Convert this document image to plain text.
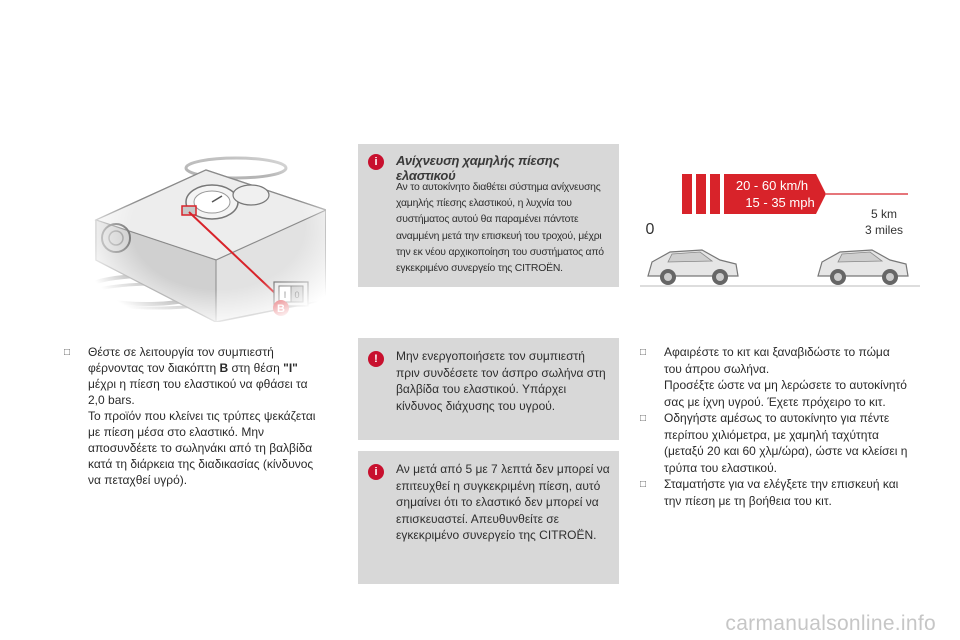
□	Θέστε σε λειτουργία τον συμπιεστή φέρνοντας τον διακόπτη B στη θέση "I" μέχρι η πίεση του ελαστικού να φθάσει τα 2,0 bars.

Το προϊόν που κλείνει τις τρύπες ψεκάζεται με πίεση μέσα στο ελαστικό. Μην αποσυνδέετε το σωληνάκι από τη βαλβίδα κατά τη διάρκεια της διαδικασίας (κίνδυνος να πεταχθεί υγρό).

i	Ανίχνευση χαμηλής πίεσης ελαστικού
Αν το αυτοκίνητο διαθέτει σύστημα ανίχνευσης χαμηλής πίεσης ελαστικού, η λυχνία του συστήματος αυτού θα παραμένει πάντοτε αναμμένη μετά την επισκευή του τροχού, μέχρι την εκ νέου αρχικοποίηση του συστήματος από εγκεκριμένο συνεργείο της CITROËN.
!	Μην ενεργοποιήσετε τον συμπιεστή πριν συνδέσετε τον άσπρο σωλήνα στη βαλβίδα του ελαστικού. Υπάρχει κίνδυνος διάχυσης του υγρού.
i	Αν μετά από 5 με 7 λεπτά δεν μπορεί να επιτευχθεί η συγκεκριμένη πίεση, αυτό σημαίνει ότι το ελαστικό δεν μπορεί να επισκευαστεί. Απευθυνθείτε σε εγκεκριμένο συνεργείο της CITROËN.
20 - 60 km/h
15 - 35 mph
0
5 km
3 miles
□	Αφαιρέστε το κιτ και ξαναβιδώστε το πώμα του άπρου σωλήνα.
Προσέξτε ώστε να μη λερώσετε το αυτοκίνητό σας με ίχνη υγρού. Έχετε πρόχειρο το κιτ.
□	Οδηγήστε αμέσως το αυτοκίνητο για πέντε περίπου χιλιόμετρα, με χαμηλή ταχύτητα (μεταξύ 20 και 60 χλμ/ώρα), ώστε να κλείσει η τρύπα του ελαστικού.
□	Σταματήστε για να ελέγξετε την επισκευή και την πίεση με τη βοήθεια του κιτ.
carmanualsonline.info
